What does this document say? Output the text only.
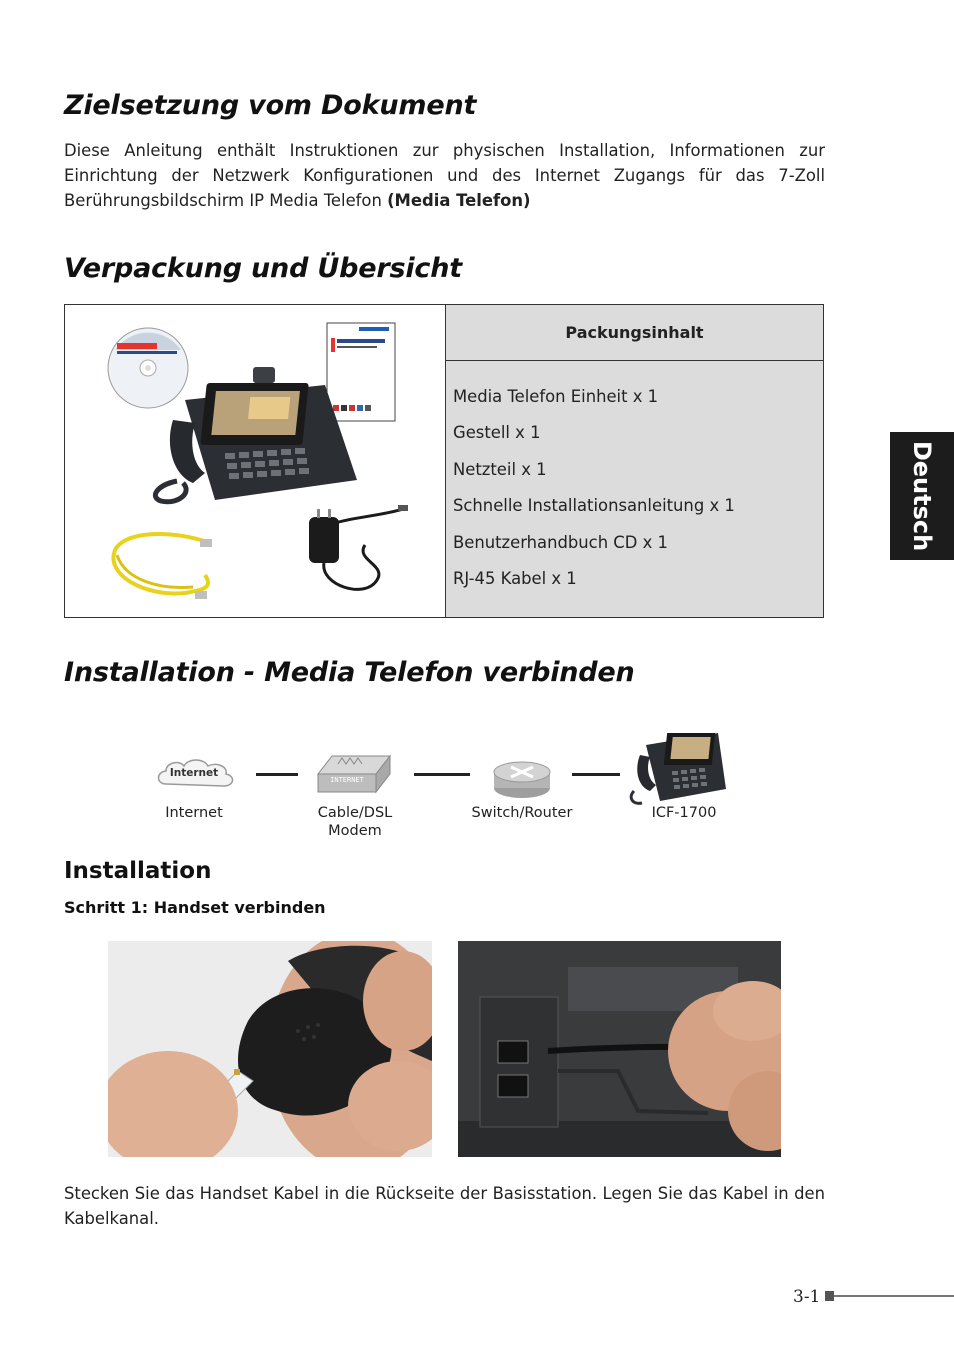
Zielsetzung vom Dokument

Diese Anleitung enthält Instruktionen zur physischen Installation, Informationen zur Einrichtung der Netzwerk Konfigurationen und des Internet Zugangs für das 7-Zoll Berührungsbildschirm IP Media Telefon (Media Telefon)

Verpackung und Übersicht
Packungsinhalt
Media Telefon Einheit x 1
Gestell x 1
Netzteil x 1
Schnelle Installationsanleitung x 1
Benutzerhandbuch CD x 1
RJ-45 Kabel x 1
Deutsch
Installation - Media Telefon verbinden
Internet
INTERNET
Internet	Cable/DSL
Modem
Switch/Router	ICF-1700
Installation
Schritt 1: Handset verbinden

Stecken Sie das Handset Kabel in die Rückseite der Basisstation. Legen Sie das Kabel in den Kabelkanal.

3-1
